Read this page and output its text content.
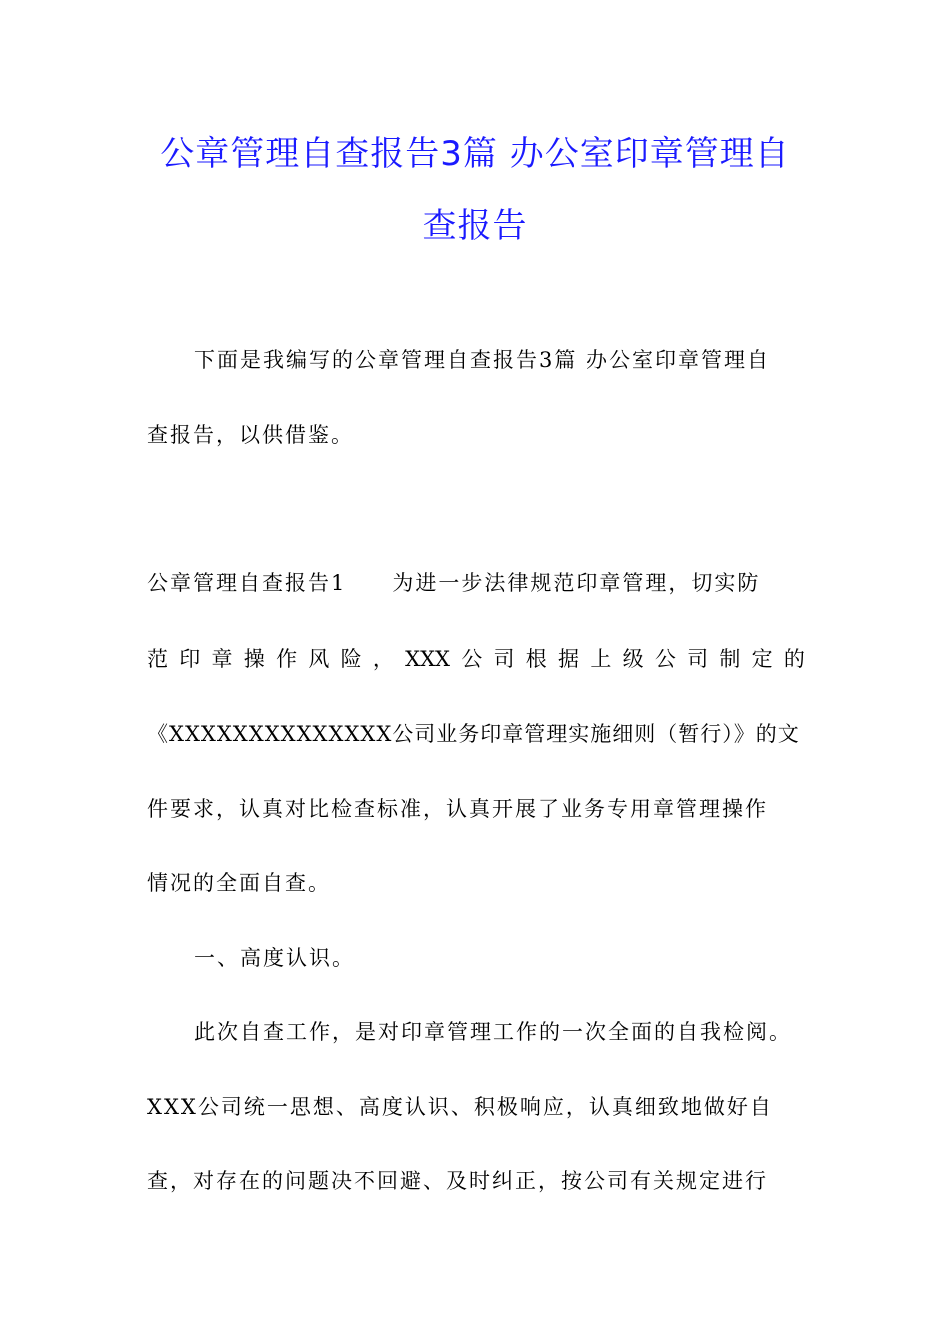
公章管理自查报告3篇 办公室印章管理自
查报告
下面是我编写的公章管理自查报告3篇 办公室印章管理自
查报告，以供借鉴。
公章管理自查报告1　　为进一步法律规范印章管理，切实防
范 印 章 操 作 风 险 ， XXX 公 司 根 据 上 级 公 司 制 定 的
《XXXXXXXXXXXXXX公司业务印章管理实施细则（暂行）》的文
件要求，认真对比检查标准，认真开展了业务专用章管理操作
情况的全面自查。
一、高度认识。
此次自查工作，是对印章管理工作的一次全面的自我检阅。
XXX公司统一思想、高度认识、积极响应，认真细致地做好自
查，对存在的问题决不回避、及时纠正，按公司有关规定进行
